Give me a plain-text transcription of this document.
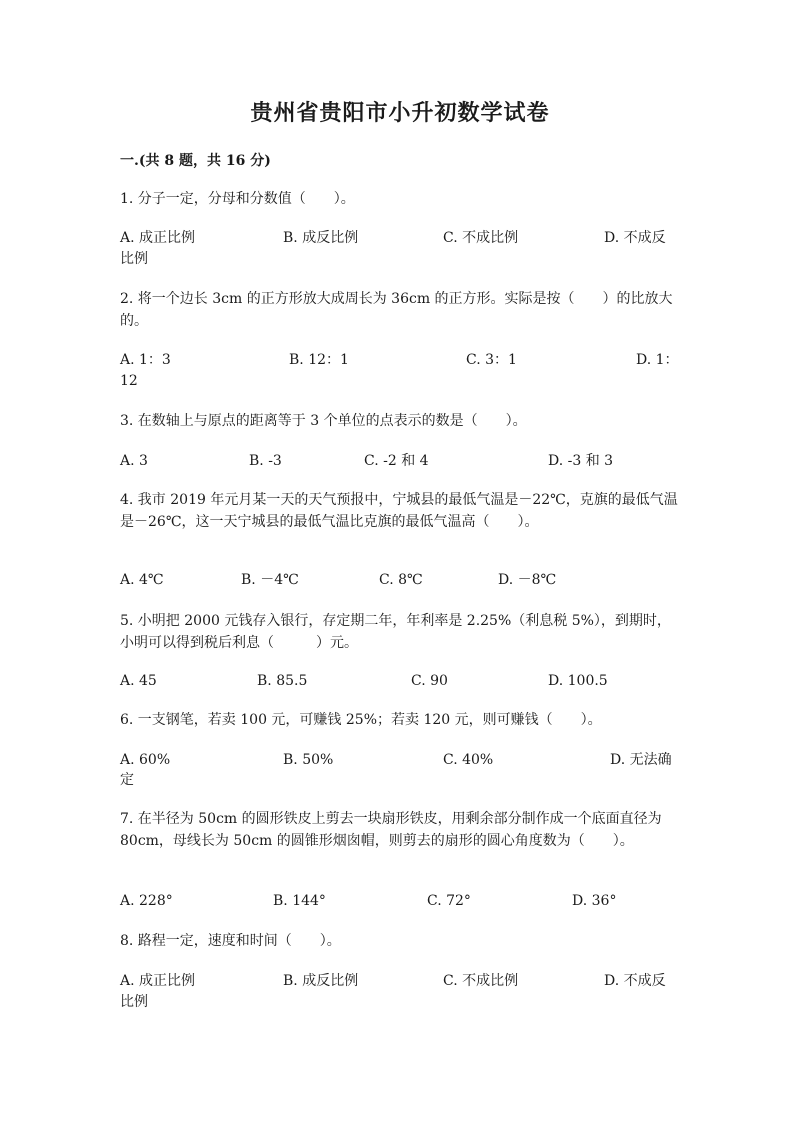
贵州省贵阳市小升初数学试卷
一.(共 8 题，共 16 分)
1. 分子一定，分母和分数值（　　）。
A. 成正比例	B. 成反比例	C. 不成比例	D. 不成反
比例
2. 将一个边长 3cm 的正方形放大成周长为 36cm 的正方形。实际是按（　　）的比放大的。
A. 1：3	B. 12：1	C. 3：1	D. 1：
12
3. 在数轴上与原点的距离等于 3 个单位的点表示的数是（　　）。
A. 3	B. -3	C. -2 和 4	D. -3 和 3
4. 我市 2019 年元月某一天的天气预报中，宁城县的最低气温是－22℃，克旗的最低气温是－26℃，这一天宁城县的最低气温比克旗的最低气温高（　　）。
A. 4℃	B. －4℃	C. 8℃	D. －8℃
5. 小明把 2000 元钱存入银行，存定期二年，年利率是 2.25%（利息税 5%），到期时，小明可以得到税后利息（　　　）元。
A. 45	B. 85.5	C. 90	D. 100.5
6. 一支钢笔，若卖 100 元，可赚钱 25%；若卖 120 元，则可赚钱（　　）。
A. 60%	B. 50%	C. 40%	D. 无法确
定
7. 在半径为 50cm 的圆形铁皮上剪去一块扇形铁皮，用剩余部分制作成一个底面直径为 80cm，母线长为 50cm 的圆锥形烟囱帽，则剪去的扇形的圆心角度数为（　　）。
A. 228°	B. 144°	C. 72°	D. 36°
8. 路程一定，速度和时间（　　）。
A. 成正比例	B. 成反比例	C. 不成比例	D. 不成反
比例
